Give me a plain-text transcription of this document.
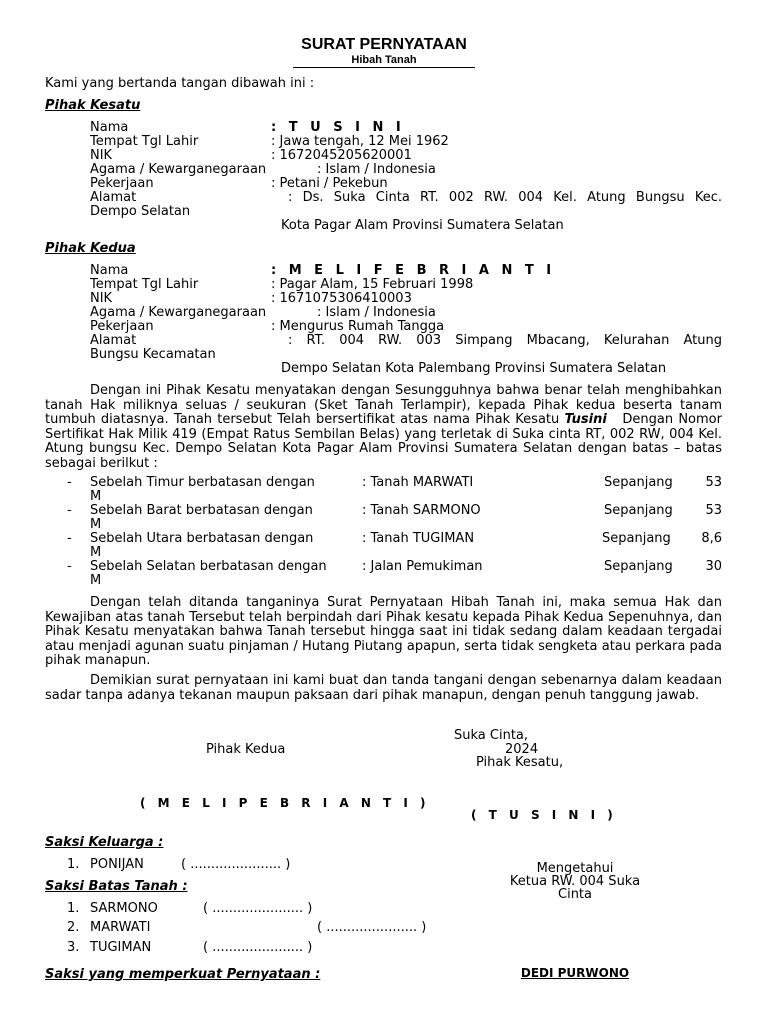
SURAT PERNYATAAN
Hibah Tanah
Kami yang bertanda tangan dibawah ini :
Pihak Kesatu
Nama	: T U S I N I
Tempat Tgl Lahir	: Jawa tengah, 12 Mei 1962
NIK	: 1672045205620001
Agama / Kewarganegaraan	: Islam / Indonesia
Pekerjaan	: Petani / Pekebun
Alamat	: Ds. Suka Cinta RT. 002 RW. 004 Kel. Atung Bungsu Kec.
Dempo Selatan
Kota Pagar Alam Provinsi Sumatera Selatan
Pihak Kedua
Nama	: M E L I F E B R I A N T I
Tempat Tgl Lahir	: Pagar Alam, 15 Februari 1998
NIK	: 1671075306410003
Agama / Kewarganegaraan	: Islam / Indonesia
Pekerjaan	: Mengurus Rumah Tangga
Alamat	: RT. 004 RW. 003 Simpang Mbacang, Kelurahan Atung
Bungsu Kecamatan
Dempo Selatan Kota Palembang Provinsi Sumatera Selatan
Dengan ini Pihak Kesatu menyatakan dengan Sesungguhnya bahwa benar telah menghibahkan tanah Hak miliknya seluas / seukuran (Sket Tanah Terlampir), kepada Pihak kedua beserta tanam tumbuh diatasnya. Tanah tersebut Telah bersertifikat atas nama Pihak Kesatu Tusini Dengan Nomor Sertifikat Hak Milik 419 (Empat Ratus Sembilan Belas) yang terletak di Suka cinta RT, 002 RW, 004 Kel. Atung bungsu Kec. Dempo Selatan Kota Pagar Alam Provinsi Sumatera Selatan dengan batas – batas sebagai berilkut :
- Sebelah Timur berbatasan dengan	: Tanah MARWATI	Sepanjang	53
M
- Sebelah Barat berbatasan dengan	: Tanah SARMONO	Sepanjang	53
M
- Sebelah Utara berbatasan dengan	: Tanah TUGIMAN	Sepanjang	8,6
M
- Sebelah Selatan berbatasan dengan	: Jalan Pemukiman	Sepanjang	30
M
Dengan telah ditanda tanganinya Surat Pernyataan Hibah Tanah ini, maka semua Hak dan Kewajiban atas tanah Tersebut telah berpindah dari Pihak kesatu kepada Pihak Kedua Sepenuhnya, dan Pihak Kesatu menyatakan bahwa Tanah tersebut hingga saat ini tidak sedang dalam keadaan tergadai atau menjadi agunan suatu pinjaman / Hutang Piutang apapun, serta tidak sengketa atau perkara pada pihak manapun.
Demikian surat pernyataan ini kami buat dan tanda tangani dengan sebenarnya dalam keadaan sadar tanpa adanya tekanan maupun paksaan dari pihak manapun, dengan penuh tanggung jawab.
Suka Cinta,
2024
Pihak Kesatu,
Pihak Kedua
( M E L I P E B R I A N T I )
( T U S I N I )
Saksi Keluarga :
1. PONIJAN	( ...................... )
Saksi Batas Tanah :
1. SARMONO	( ...................... )
2. MARWATI	( ...................... )
3. TUGIMAN	( ...................... )
Saksi yang memperkuat Pernyataan :
Mengetahui
Ketua RW. 004 Suka
Cinta
DEDI PURWONO
